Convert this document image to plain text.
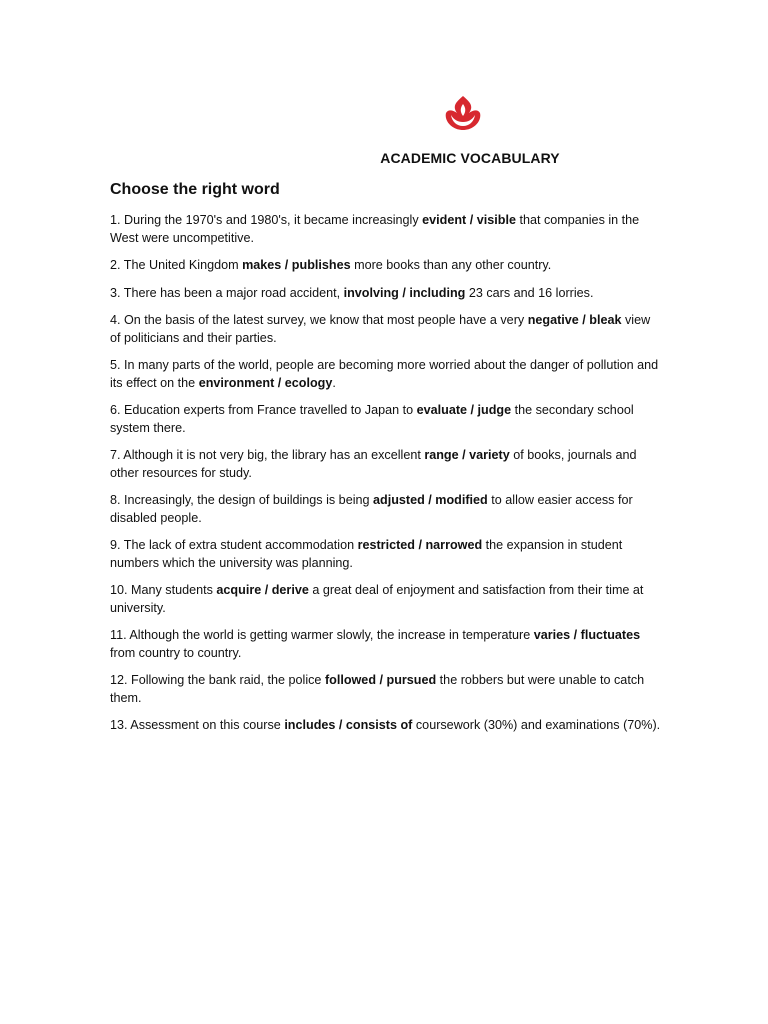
ACADEMIC VOCABULARY
Choose the right word
1. During the 1970's and 1980's, it became increasingly evident / visible that companies in the West were uncompetitive.
2. The United Kingdom makes / publishes more books than any other country.
3. There has been a major road accident, involving / including 23 cars and 16 lorries.
4. On the basis of the latest survey, we know that most people have a very negative / bleak view of politicians and their parties.
5. In many parts of the world, people are becoming more worried about the danger of pollution and its effect on the environment / ecology.
6. Education experts from France travelled to Japan to evaluate / judge the secondary school system there.
7. Although it is not very big, the library has an excellent range / variety of books, journals and other resources for study.
8. Increasingly, the design of buildings is being adjusted / modified to allow easier access for disabled people.
9. The lack of extra student accommodation restricted / narrowed the expansion in student numbers which the university was planning.
10. Many students acquire / derive a great deal of enjoyment and satisfaction from their time at university.
11. Although the world is getting warmer slowly, the increase in temperature varies / fluctuates from country to country.
12. Following the bank raid, the police followed / pursued the robbers but were unable to catch them.
13. Assessment on this course includes / consists of coursework (30%) and examinations (70%).
